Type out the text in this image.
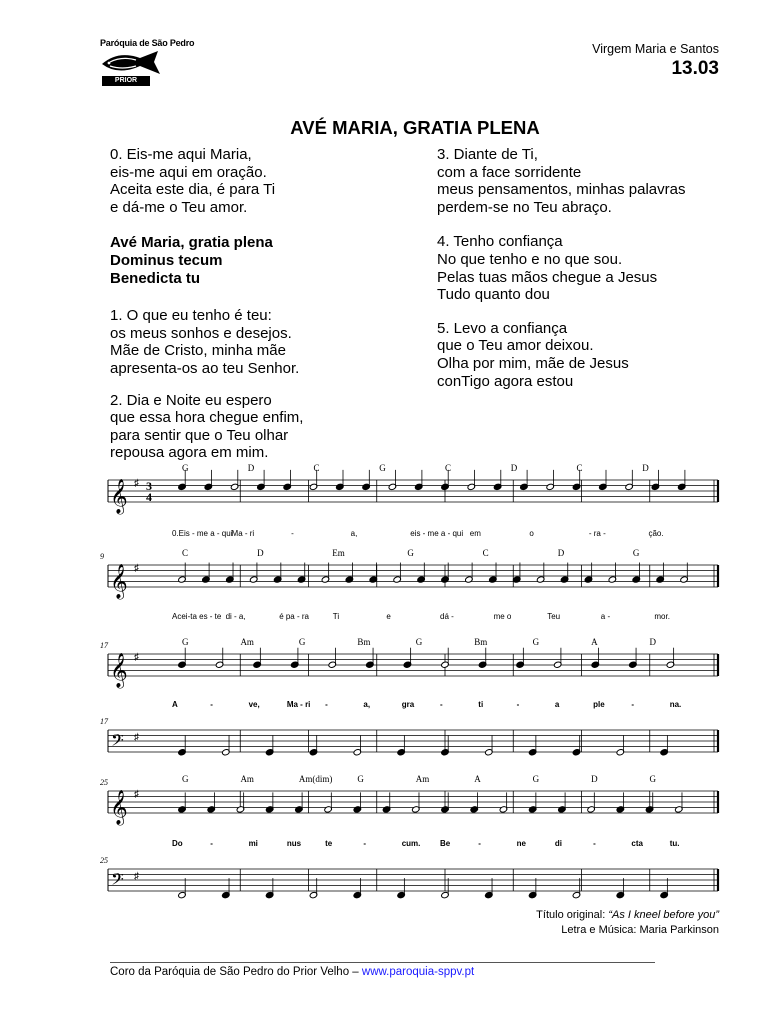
Paróquia de São Pedro
PRIOR VELHO
Virgem Maria e Santos
13.03
AVÉ MARIA, GRATIA PLENA

0. Eis-me aqui Maria,

eis-me aqui em oração.

Aceita este dia, é para Ti

e dá-me o Teu amor.

Avé Maria, gratia plena

Dominus tecum

Benedicta tu

1. O que eu tenho é teu:

os meus sonhos e desejos.

Mãe de Cristo, minha mãe

apresenta-os ao teu Senhor.

2. Dia e Noite eu espero

que essa hora chegue enfim,

para sentir que o Teu olhar

repousa agora em mim.

3. Diante de Ti,

com a face sorridente

meus pensamentos, minhas palavras

perdem-se no Teu abraço.

4. Tenho confiança

No que tenho e no que sou.

Pelas tuas mãos chegue a Jesus

Tudo quanto dou

5. Levo a confiança

que o Teu amor deixou.

Olha por mim, mãe de Jesus

conTigo agora estou

G	D	C	G	C	D	C	D
𝄞 ♯ 3
4
0.Eis - me a - qui Ma - ri	-	a,	eis - me a - qui em	o	- ra -	ção.
C	D	Em	G	C	D	G
𝄞 ♯
9
Acei-ta es - te di - a,	é pa - ra	Ti	e	dá -	me o	Teu	a -	mor.
G	Am	G	Bm	G	Bm	G	A	D
𝄞 ♯
17
A	-	ve,	Ma - ri -	a,	gra	-	ti	-	a	ple	-	na.
𝄢 ♯
17
G	Am	Am(dim)	G	Am	A	G	D	G
𝄞 ♯
25
Do	-	mi	nus	te	-	cum. Be	-	ne	di	-	cta	tu.
𝄢 ♯
25
Título original: “As I kneel before you”
Letra e Música: Maria Parkinson
Coro da Paróquia de São Pedro do Prior Velho – www.paroquia-sppv.pt
